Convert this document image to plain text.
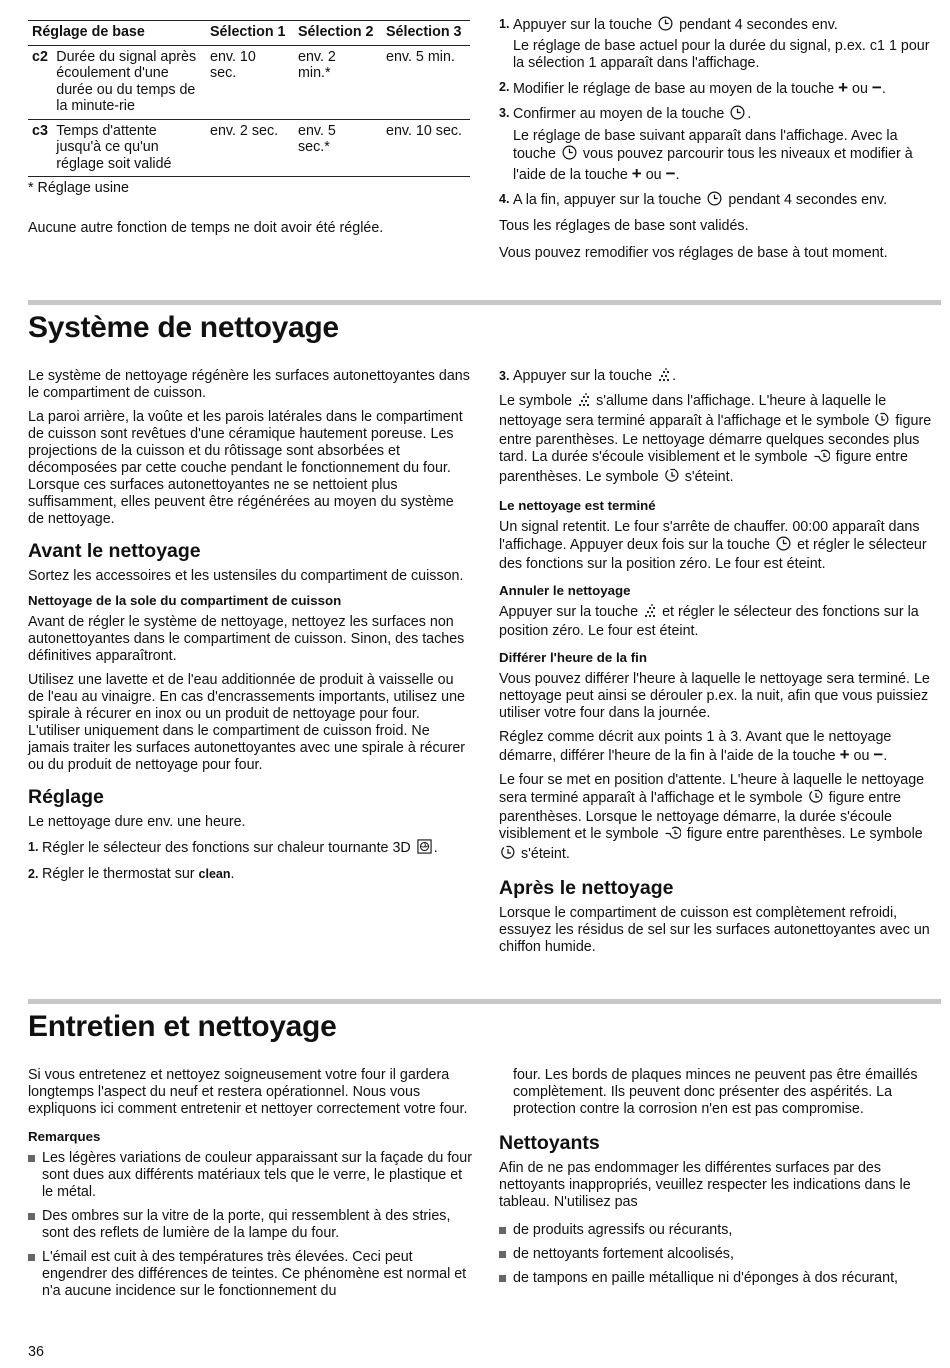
Réglage de base		Sélection 1	Sélection 2	Sélection 3
c2	Durée du signal après écoulement d'une durée ou du temps de la minute-rie	env. 10 sec.	env. 2 min.*	env. 5 min.
c3	Temps d'attente jusqu'à ce qu'un réglage soit validé	env. 2 sec.	env. 5 sec.*	env. 10 sec.
* Réglage usine

Aucune autre fonction de temps ne doit avoir été réglée.

1. Appuyer sur la touche pendant 4 secondes env.
Le réglage de base actuel pour la durée du signal, p.ex. c1 1 pour la sélection 1 apparaît dans l'affichage.
2. Modifier le réglage de base au moyen de la touche + ou −.
3. Confirmer au moyen de la touche .
Le réglage de base suivant apparaît dans l'affichage. Avec la touche vous pouvez parcourir tous les niveaux et modifier à l'aide de la touche + ou −.
4. A la fin, appuyer sur la touche pendant 4 secondes env.

Tous les réglages de base sont validés.

Vous pouvez remodifier vos réglages de base à tout moment.

Système de nettoyage

Le système de nettoyage régénère les surfaces autonettoyantes dans le compartiment de cuisson.

La paroi arrière, la voûte et les parois latérales dans le compartiment de cuisson sont revêtues d'une céramique hautement poreuse. Les projections de la cuisson et du rôtissage sont absorbées et décomposées par cette couche pendant le fonctionnement du four. Lorsque ces surfaces autonettoyantes ne se nettoient plus suffisamment, elles peuvent être régénérées au moyen du système de nettoyage.

Avant le nettoyage

Sortez les accessoires et les ustensiles du compartiment de cuisson.

Nettoyage de la sole du compartiment de cuisson

Avant de régler le système de nettoyage, nettoyez les surfaces non autonettoyantes dans le compartiment de cuisson. Sinon, des taches définitives apparaîtront.

Utilisez une lavette et de l'eau additionnée de produit à vaisselle ou de l'eau au vinaigre. En cas d'encrassements importants, utilisez une spirale à récurer en inox ou un produit de nettoyage pour four. L'utiliser uniquement dans le compartiment de cuisson froid. Ne jamais traiter les surfaces autonettoyantes avec une spirale à récurer ou du produit de nettoyage pour four.

Réglage

Le nettoyage dure env. une heure.

1. Régler le sélecteur des fonctions sur chaleur tournante 3D .
2. Régler le thermostat sur clean.
3. Appuyer sur la touche .

Le symbole s'allume dans l'affichage. L'heure à laquelle le nettoyage sera terminé apparaît à l'affichage et le symbole figure entre parenthèses. Le nettoyage démarre quelques secondes plus tard. La durée s'écoule visiblement et le symbole figure entre parenthèses. Le symbole s'éteint.

Le nettoyage est terminé

Un signal retentit. Le four s'arrête de chauffer. 00:00 apparaît dans l'affichage. Appuyer deux fois sur la touche et régler le sélecteur des fonctions sur la position zéro. Le four est éteint.

Annuler le nettoyage

Appuyer sur la touche et régler le sélecteur des fonctions sur la position zéro. Le four est éteint.

Différer l'heure de la fin

Vous pouvez différer l'heure à laquelle le nettoyage sera terminé. Le nettoyage peut ainsi se dérouler p.ex. la nuit, afin que vous puissiez utiliser votre four dans la journée.

Réglez comme décrit aux points 1 à 3. Avant que le nettoyage démarre, différer l'heure de la fin à l'aide de la touche + ou −.

Le four se met en position d'attente. L'heure à laquelle le nettoyage sera terminé apparaît à l'affichage et le symbole figure entre parenthèses. Lorsque le nettoyage démarre, la durée s'écoule visiblement et le symbole figure entre parenthèses. Le symbole  s'éteint.

Après le nettoyage

Lorsque le compartiment de cuisson est complètement refroidi, essuyez les résidus de sel sur les surfaces autonettoyantes avec un chiffon humide.

Entretien et nettoyage

Si vous entretenez et nettoyez soigneusement votre four il gardera longtemps l'aspect du neuf et restera opérationnel. Nous vous expliquons ici comment entretenir et nettoyer correctement votre four.

Remarques
Les légères variations de couleur apparaissant sur la façade du four sont dues aux différents matériaux tels que le verre, le plastique et le métal.
Des ombres sur la vitre de la porte, qui ressemblent à des stries, sont des reflets de lumière de la lampe du four.
L'émail est cuit à des températures très élevées. Ceci peut engendrer des différences de teintes. Ce phénomène est normal et n'a aucune incidence sur le fonctionnement du

four. Les bords de plaques minces ne peuvent pas être émaillés complètement. Ils peuvent donc présenter des aspérités. La protection contre la corrosion n'en est pas compromise.

Nettoyants

Afin de ne pas endommager les différentes surfaces par des nettoyants inappropriés, veuillez respecter les indications dans le tableau. N'utilisez pas

de produits agressifs ou récurants,
de nettoyants fortement alcoolisés,
de tampons en paille métallique ni d'éponges à dos récurant,
36
